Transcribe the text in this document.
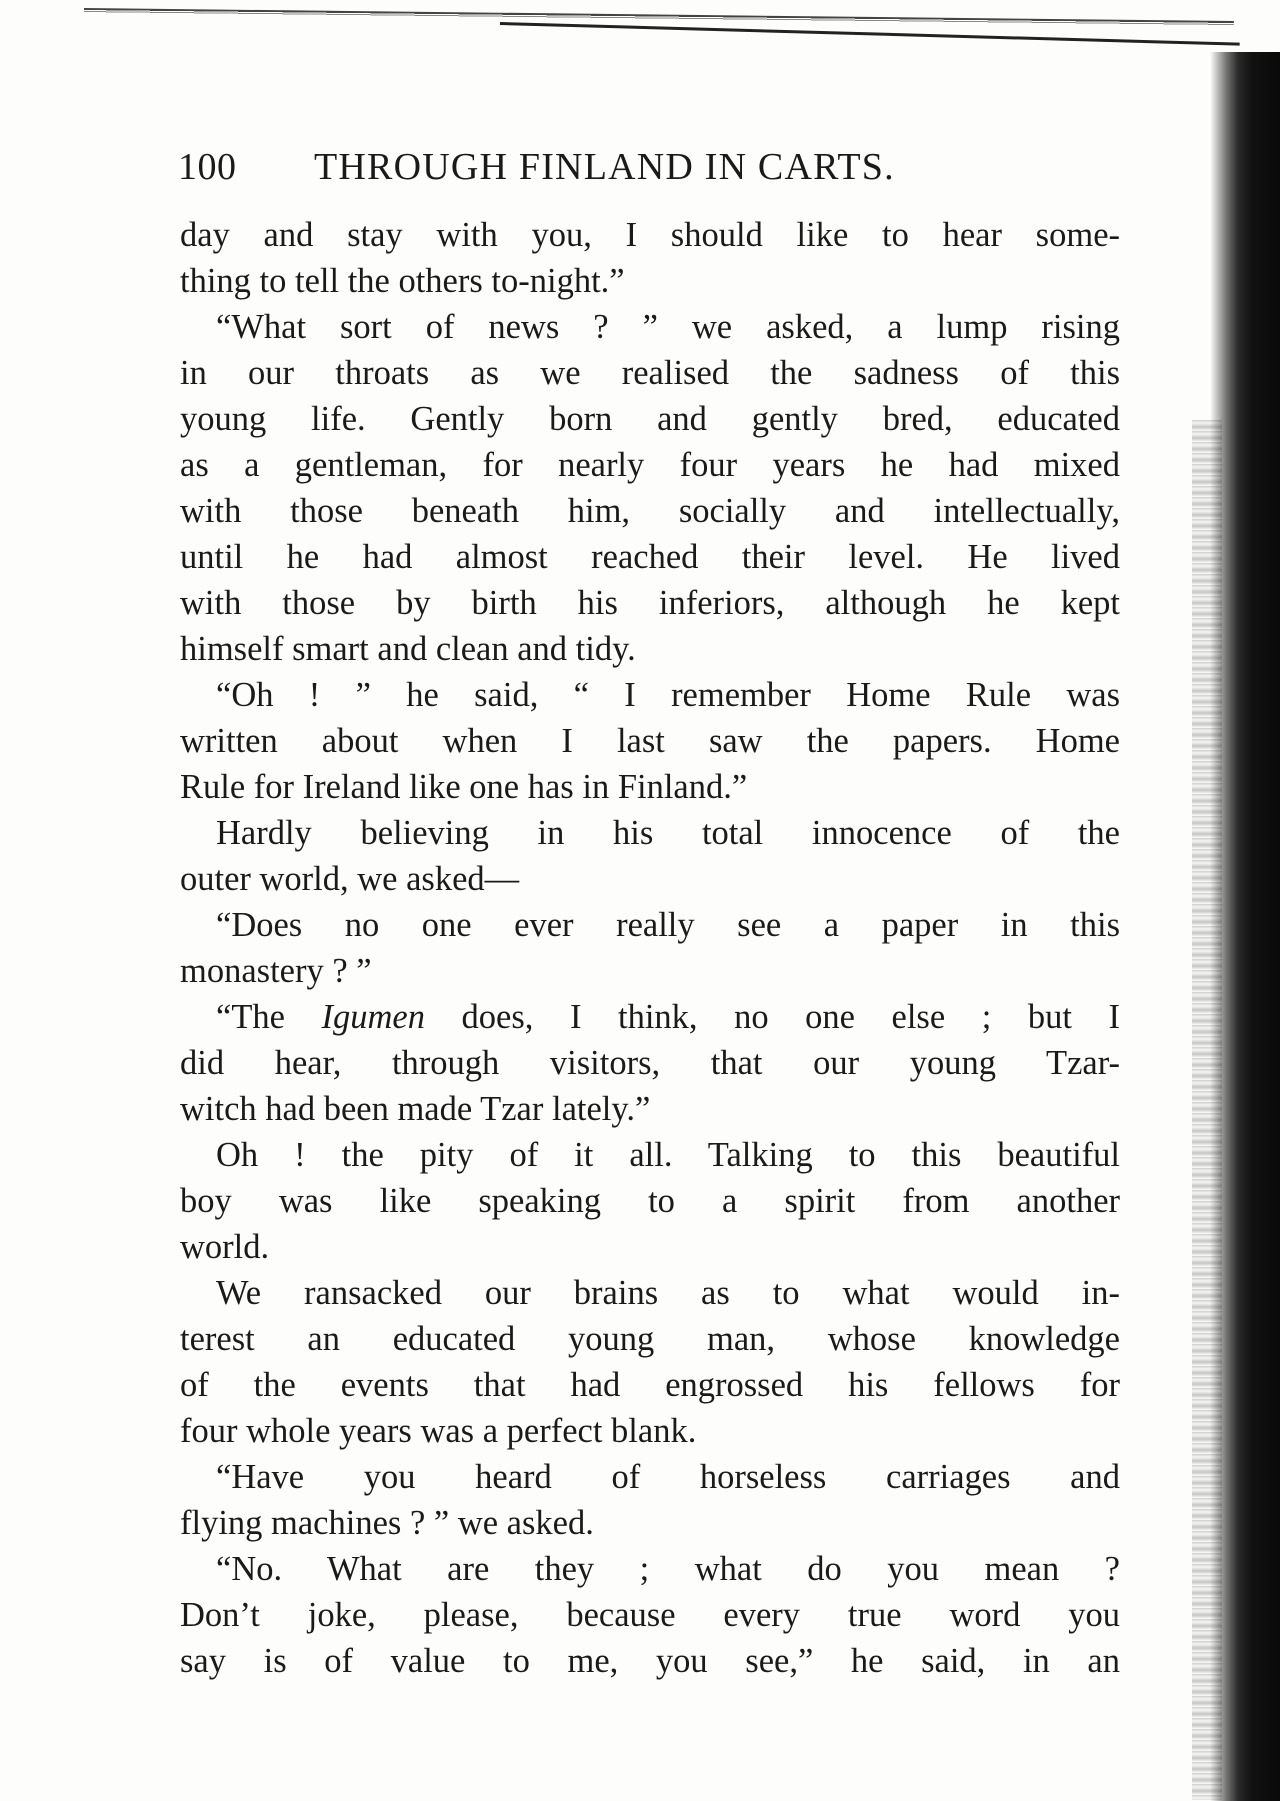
100 THROUGH FINLAND IN CARTS.
day and stay with you, I should like to hear some-
thing to tell the others to-night.”
“What sort of news ? ” we asked, a lump rising
in our throats as we realised the sadness of this
young life. Gently born and gently bred, educated
as a gentleman, for nearly four years he had mixed
with those beneath him, socially and intellectually,
until he had almost reached their level. He lived
with those by birth his inferiors, although he kept
himself smart and clean and tidy.
“Oh ! ” he said, “ I remember Home Rule was
written about when I last saw the papers. Home
Rule for Ireland like one has in Finland.”
Hardly believing in his total innocence of the
outer world, we asked—
“Does no one ever really see a paper in this
monastery ? ”
“The Igumen does, I think, no one else ; but I
did hear, through visitors, that our young Tzar-
witch had been made Tzar lately.”
Oh ! the pity of it all. Talking to this beautiful
boy was like speaking to a spirit from another
world.
We ransacked our brains as to what would in-
terest an educated young man, whose knowledge
of the events that had engrossed his fellows for
four whole years was a perfect blank.
“Have you heard of horseless carriages and
flying machines ? ” we asked.
“No. What are they ; what do you mean ?
Don’t joke, please, because every true word you
say is of value to me, you see,” he said, in an
